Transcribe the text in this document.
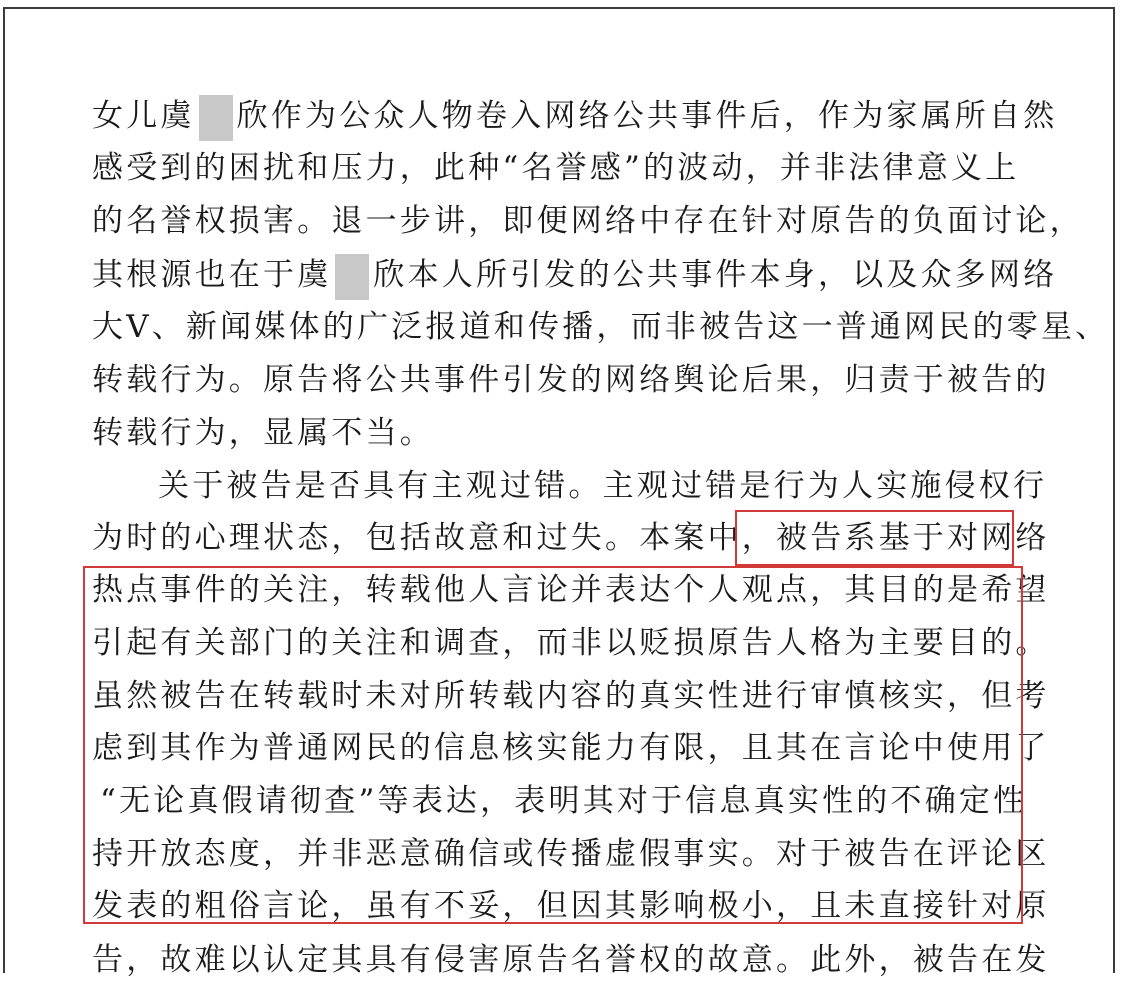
女儿虞 欣作为公众人物卷入网络公共事件后，作为家属所自然
感受到的困扰和压力，此种“名誉感”的波动，并非法律意义上
的名誉权损害。退一步讲，即便网络中存在针对原告的负面讨论，
其根源也在于虞 欣本人所引发的公共事件本身，以及众多网络
大V、新闻媒体的广泛报道和传播，而非被告这一普通网民的零星、
转载行为。原告将公共事件引发的网络舆论后果，归责于被告的
转载行为，显属不当。
关于被告是否具有主观过错。主观过错是行为人实施侵权行
为时的心理状态，包括故意和过失。本案中，被告系基于对网络
热点事件的关注，转载他人言论并表达个人观点，其目的是希望
引起有关部门的关注和调查，而非以贬损原告人格为主要目的。
虽然被告在转载时未对所转载内容的真实性进行审慎核实，但考
虑到其作为普通网民的信息核实能力有限，且其在言论中使用了
“无论真假请彻查”等表达，表明其对于信息真实性的不确定性
持开放态度，并非恶意确信或传播虚假事实。对于被告在评论区
发表的粗俗言论，虽有不妥，但因其影响极小，且未直接针对原
告，故难以认定其具有侵害原告名誉权的故意。此外，被告在发
